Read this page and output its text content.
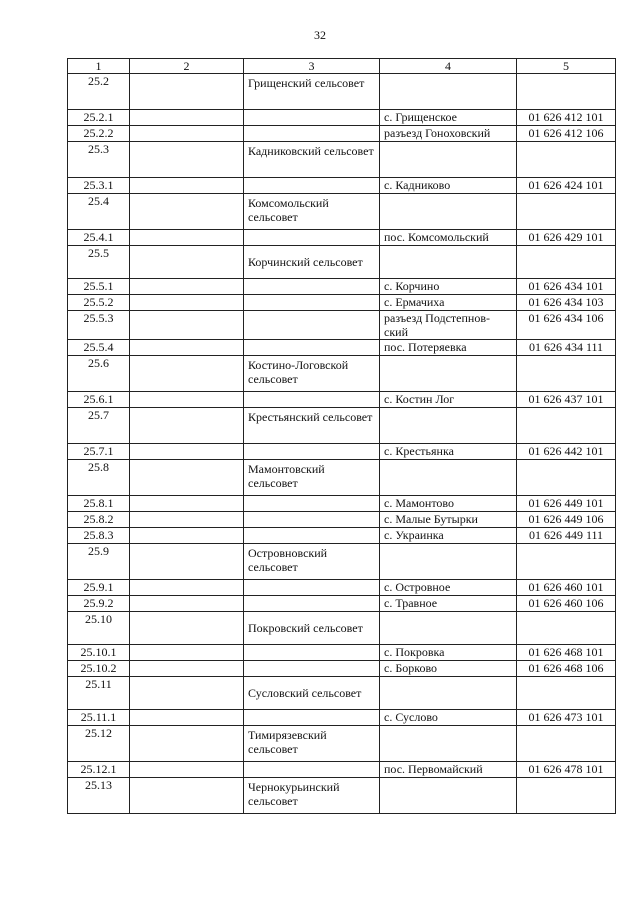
32
1	2	3	4	5
25.2		Грищенский сельсовет		
25.2.1			с. Грищенское	01 626 412 101
25.2.2			разъезд Гоноховский	01 626 412 106
25.3		Кадниковский сельсовет		
25.3.1			с. Кадниково	01 626 424 101
25.4		Комсомольский сельсовет		
25.4.1			пос. Комсомольский	01 626 429 101
25.5		Корчинский сельсовет		
25.5.1			с. Корчино	01 626 434 101
25.5.2			с. Ермачиха	01 626 434 103
25.5.3			разъезд Подстепнов-ский	01 626 434 106
25.5.4			пос. Потеряевка	01 626 434 111
25.6		Костино-Логовской сельсовет		
25.6.1			с. Костин Лог	01 626 437 101
25.7		Крестьянский сельсовет		
25.7.1			с. Крестьянка	01 626 442 101
25.8		Мамонтовский сельсовет		
25.8.1			с. Мамонтово	01 626 449 101
25.8.2			с. Малые Бутырки	01 626 449 106
25.8.3			с. Украинка	01 626 449 111
25.9		Островновский сельсовет		
25.9.1			с. Островное	01 626 460 101
25.9.2			с. Травное	01 626 460 106
25.10		Покровский сельсовет		
25.10.1			с. Покровка	01 626 468 101
25.10.2			с. Борково	01 626 468 106
25.11		Сусловский сельсовет		
25.11.1			с. Суслово	01 626 473 101
25.12		Тимирязевский сельсовет		
25.12.1			пос. Первомайский	01 626 478 101
25.13		Чернокурьинский сельсовет		
